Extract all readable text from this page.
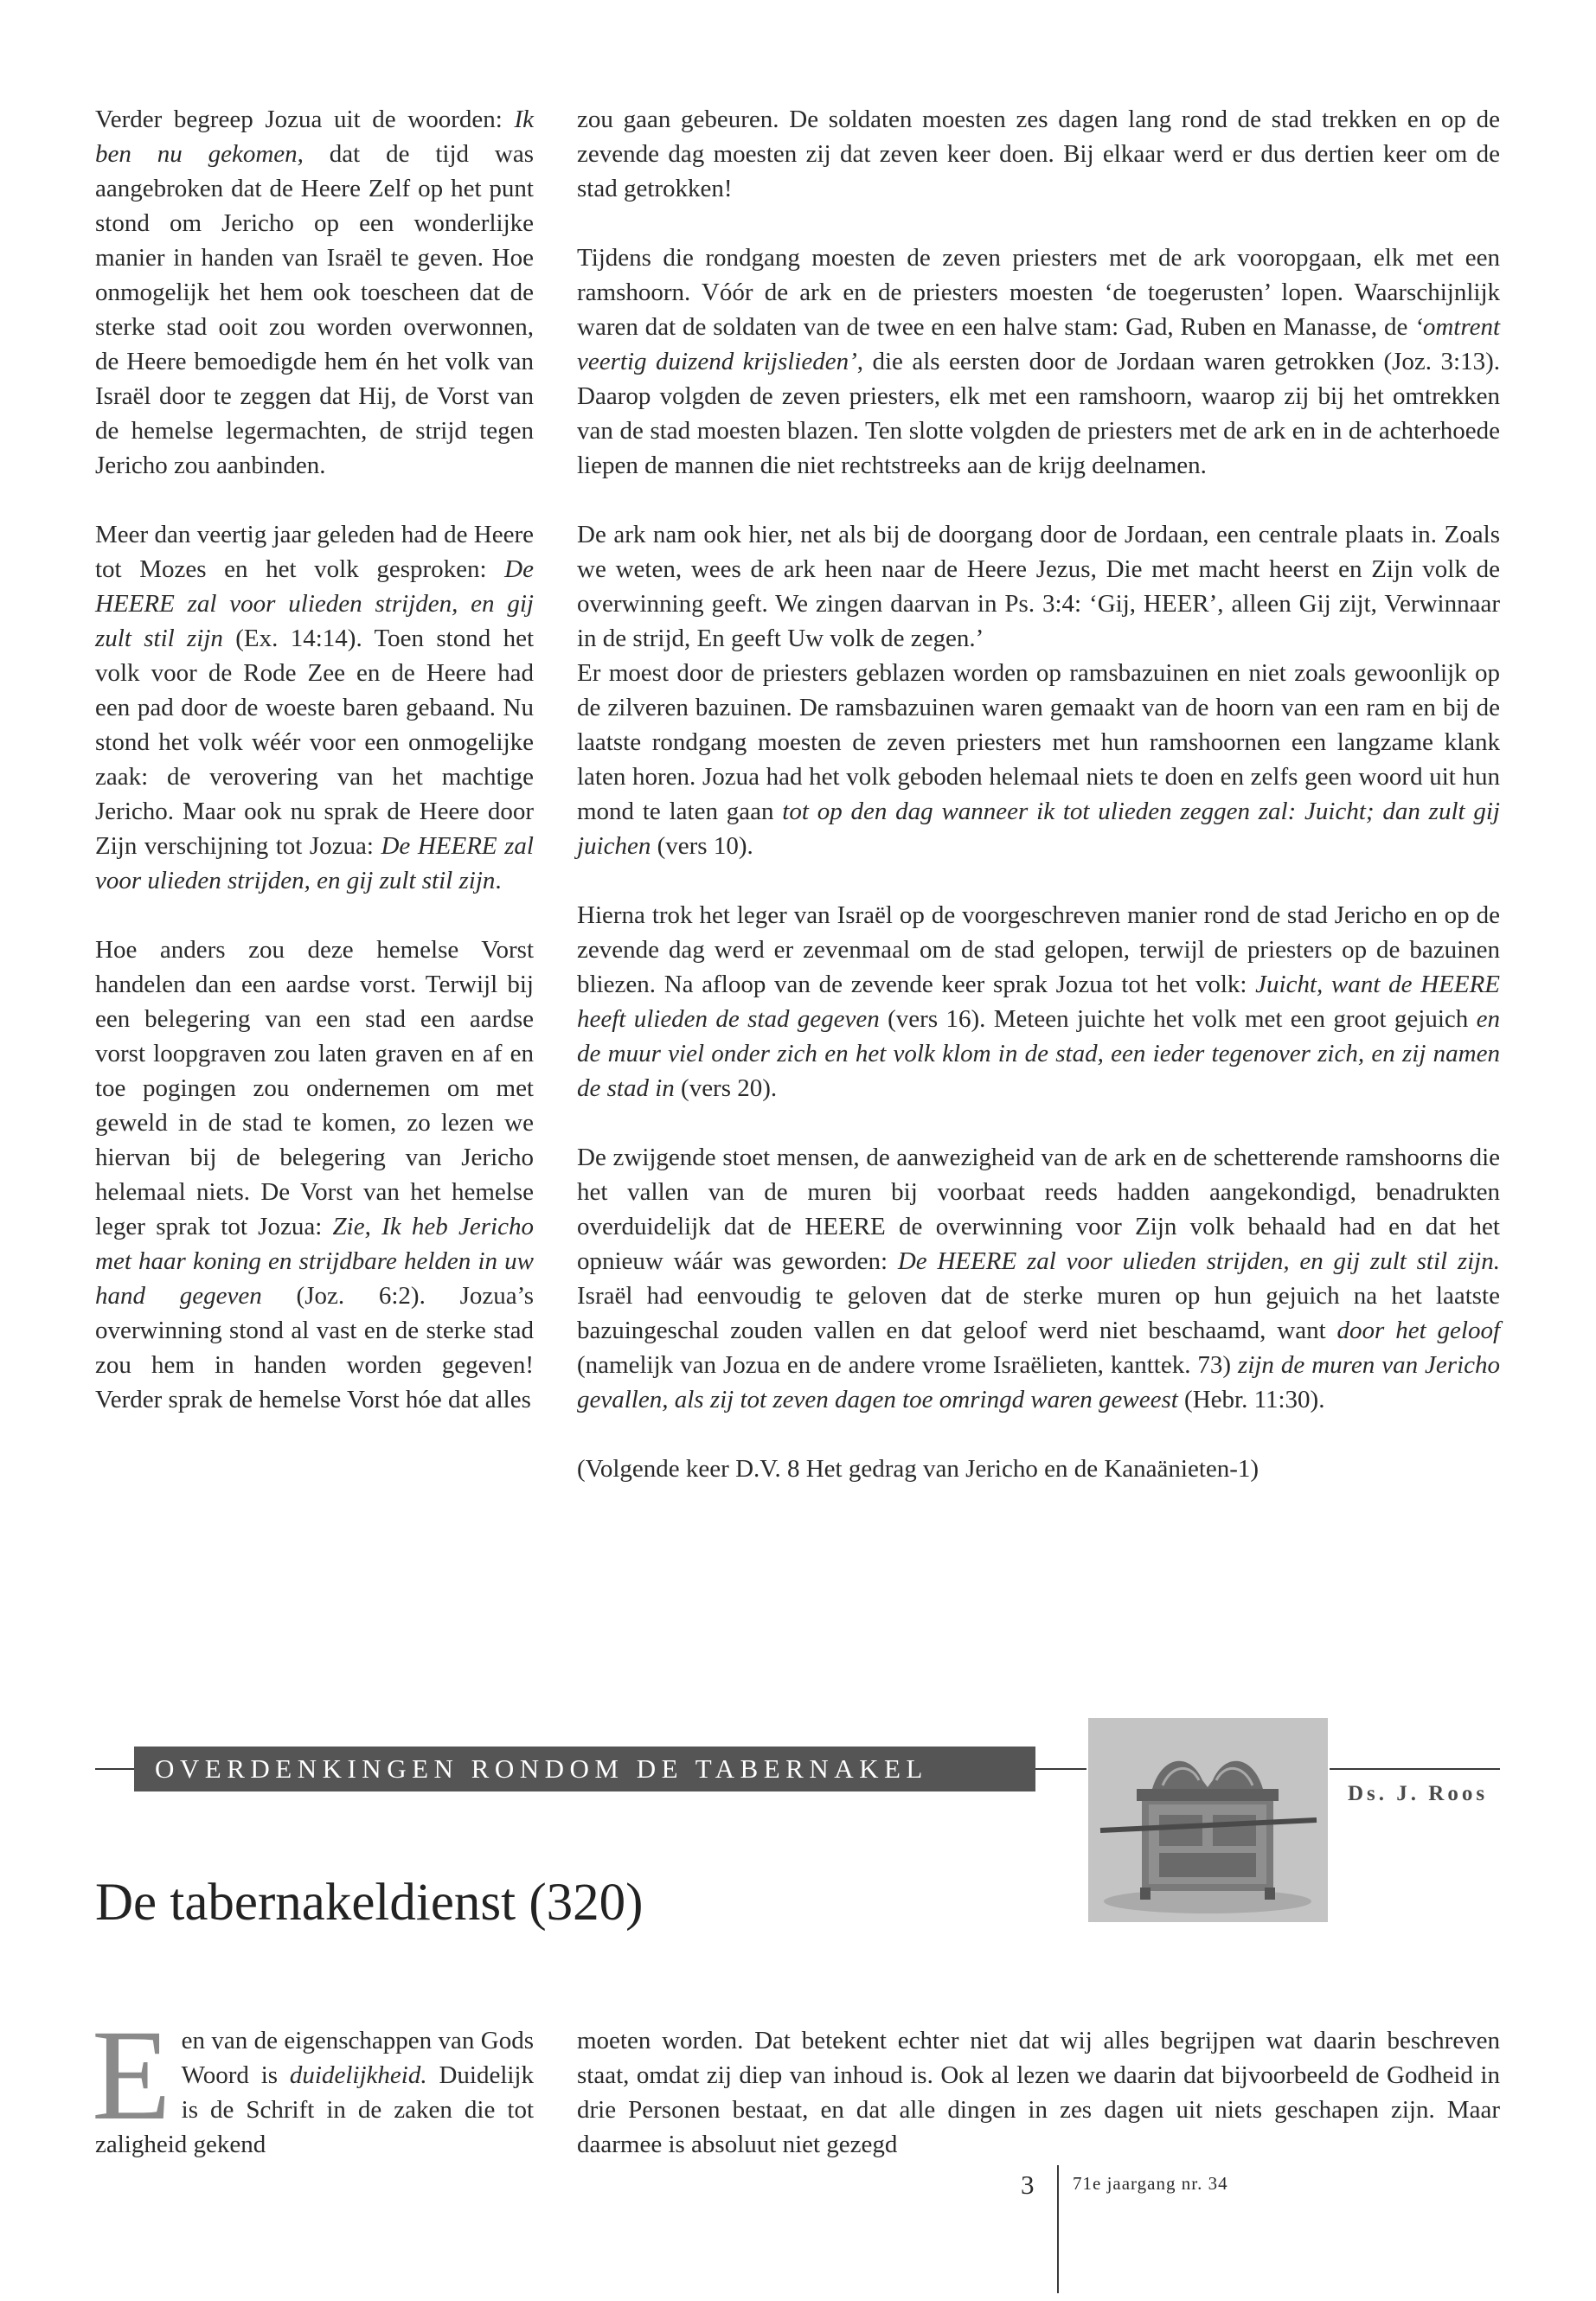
Verder begreep Jozua uit de woorden: Ik ben nu gekomen, dat de tijd was aangebroken dat de Heere Zelf op het punt stond om Jericho op een wonderlijke manier in handen van Israël te geven. Hoe onmogelijk het hem ook toescheen dat de sterke stad ooit zou worden overwonnen, de Heere bemoedigde hem én het volk van Israël door te zeggen dat Hij, de Vorst van de hemelse legermachten, de strijd tegen Jericho zou aanbinden.

Meer dan veertig jaar geleden had de Heere tot Mozes en het volk gesproken: De HEERE zal voor ulieden strijden, en gij zult stil zijn (Ex. 14:14). Toen stond het volk voor de Rode Zee en de Heere had een pad door de woeste baren gebaand. Nu stond het volk wéér voor een onmogelijke zaak: de verovering van het machtige Jericho. Maar ook nu sprak de Heere door Zijn verschijning tot Jozua: De HEERE zal voor ulieden strijden, en gij zult stil zijn.

Hoe anders zou deze hemelse Vorst handelen dan een aardse vorst. Terwijl bij een belegering van een stad een aardse vorst loopgraven zou laten graven en af en toe pogingen zou ondernemen om met geweld in de stad te komen, zo lezen we hiervan bij de belegering van Jericho helemaal niets. De Vorst van het hemelse leger sprak tot Jozua: Zie, Ik heb Jericho met haar koning en strijdbare helden in uw hand gegeven (Joz. 6:2). Jozua’s overwinning stond al vast en de sterke stad zou hem in handen worden gegeven! Verder sprak de hemelse Vorst hóe dat alles

zou gaan gebeuren. De soldaten moesten zes dagen lang rond de stad trekken en op de zevende dag moesten zij dat zeven keer doen. Bij elkaar werd er dus dertien keer om de stad getrokken!

Tijdens die rondgang moesten de zeven priesters met de ark vooropgaan, elk met een ramshoorn. Vóór de ark en de priesters moesten ‘de toegerusten’ lopen. Waarschijnlijk waren dat de soldaten van de twee en een halve stam: Gad, Ruben en Manasse, de ‘omtrent veertig duizend krijslieden’, die als eersten door de Jordaan waren getrokken (Joz. 3:13). Daarop volgden de zeven priesters, elk met een ramshoorn, waarop zij bij het omtrekken van de stad moesten blazen. Ten slotte volgden de priesters met de ark en in de achterhoede liepen de mannen die niet rechtstreeks aan de krijg deelnamen.

De ark nam ook hier, net als bij de doorgang door de Jordaan, een centrale plaats in. Zoals we weten, wees de ark heen naar de Heere Jezus, Die met macht heerst en Zijn volk de overwinning geeft. We zingen daarvan in Ps. 3:4: ‘Gij, HEER’, alleen Gij zijt, Verwinnaar in de strijd, En geeft Uw volk de zegen.’

Er moest door de priesters geblazen worden op ramsbazuinen en niet zoals gewoonlijk op de zilveren bazuinen. De ramsbazuinen waren gemaakt van de hoorn van een ram en bij de laatste rondgang moesten de zeven priesters met hun ramshoornen een langzame klank laten horen. Jozua had het volk geboden helemaal niets te doen en zelfs geen woord uit hun mond te laten gaan tot op den dag wanneer ik tot ulieden zeggen zal: Juicht; dan zult gij juichen (vers 10).

Hierna trok het leger van Israël op de voorgeschreven manier rond de stad Jericho en op de zevende dag werd er zevenmaal om de stad gelopen, terwijl de priesters op de bazuinen bliezen. Na afloop van de zevende keer sprak Jozua tot het volk: Juicht, want de HEERE heeft ulieden de stad gegeven (vers 16). Meteen juichte het volk met een groot gejuich en de muur viel onder zich en het volk klom in de stad, een ieder tegenover zich, en zij namen de stad in (vers 20).

De zwijgende stoet mensen, de aanwezigheid van de ark en de schetterende ramshoorns die het vallen van de muren bij voorbaat reeds hadden aangekondigd, benadrukten overduidelijk dat de HEERE de overwinning voor Zijn volk behaald had en dat het opnieuw wáár was geworden: De HEERE zal voor ulieden strijden, en gij zult stil zijn. Israël had eenvoudig te geloven dat de sterke muren op hun gejuich na het laatste bazuingeschal zouden vallen en dat geloof werd niet beschaamd, want door het geloof (namelijk van Jozua en de andere vrome Israëlieten, kanttek. 73) zijn de muren van Jericho gevallen, als zij tot zeven dagen toe omringd waren geweest (Hebr. 11:30).

(Volgende keer D.V. 8 Het gedrag van Jericho en de Kanaänieten-1)

OVERDENKINGEN RONDOM DE TABERNAKEL
Ds. J. Roos
De tabernakeldienst (320)
Een van de eigenschappen van Gods Woord is duidelijkheid. Duidelijk is de Schrift in de zaken die tot zaligheid gekend
moeten worden. Dat betekent echter niet dat wij alles begrijpen wat daarin beschreven staat, omdat zij diep van inhoud is. Ook al lezen we daarin dat bijvoorbeeld de Godheid in drie Personen bestaat, en dat alle dingen in zes dagen uit niets geschapen zijn. Maar daarmee is absoluut niet gezegd
3 71e jaargang nr. 34
